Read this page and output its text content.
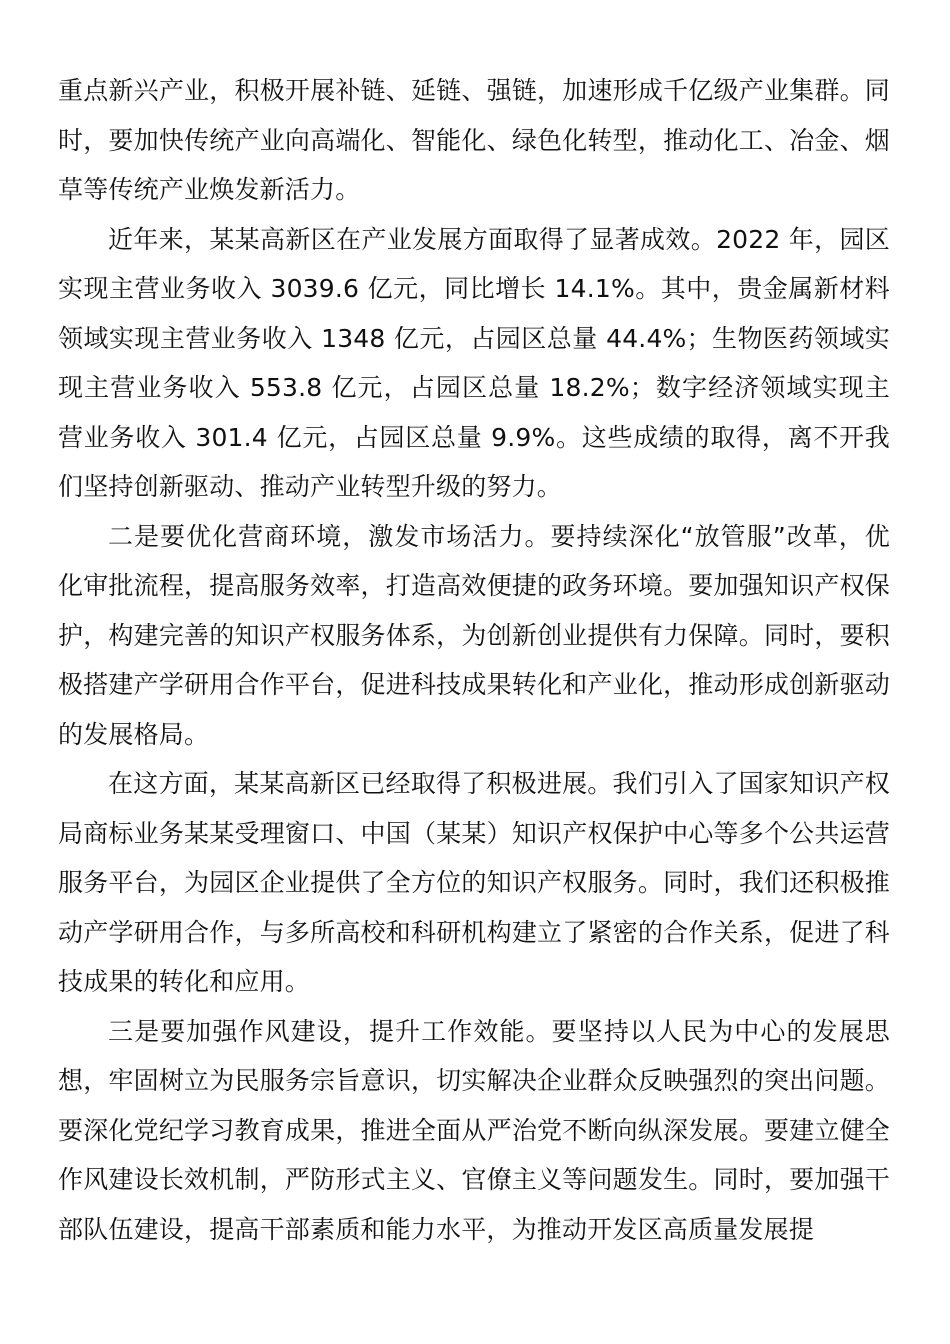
重点新兴产业，积极开展补链、延链、强链，加速形成千亿级产业集群。同时，要加快传统产业向高端化、智能化、绿色化转型，推动化工、冶金、烟草等传统产业焕发新活力。

近年来，某某高新区在产业发展方面取得了显著成效。2022 年，园区实现主营业务收入 3039.6 亿元，同比增长 14.1%。其中，贵金属新材料领域实现主营业务收入 1348 亿元，占园区总量 44.4%；生物医药领域实现主营业务收入 553.8 亿元，占园区总量 18.2%；数字经济领域实现主营业务收入 301.4 亿元，占园区总量 9.9%。这些成绩的取得，离不开我们坚持创新驱动、推动产业转型升级的努力。

二是要优化营商环境，激发市场活力。要持续深化“放管服”改革，优化审批流程，提高服务效率，打造高效便捷的政务环境。要加强知识产权保护，构建完善的知识产权服务体系，为创新创业提供有力保障。同时，要积极搭建产学研用合作平台，促进科技成果转化和产业化，推动形成创新驱动的发展格局。

在这方面，某某高新区已经取得了积极进展。我们引入了国家知识产权局商标业务某某受理窗口、中国（某某）知识产权保护中心等多个公共运营服务平台，为园区企业提供了全方位的知识产权服务。同时，我们还积极推动产学研用合作，与多所高校和科研机构建立了紧密的合作关系，促进了科技成果的转化和应用。

三是要加强作风建设，提升工作效能。要坚持以人民为中心的发展思想，牢固树立为民服务宗旨意识，切实解决企业群众反映强烈的突出问题。要深化党纪学习教育成果，推进全面从严治党不断向纵深发展。要建立健全作风建设长效机制，严防形式主义、官僚主义等问题发生。同时，要加强干部队伍建设，提高干部素质和能力水平，为推动开发区高质量发展提
